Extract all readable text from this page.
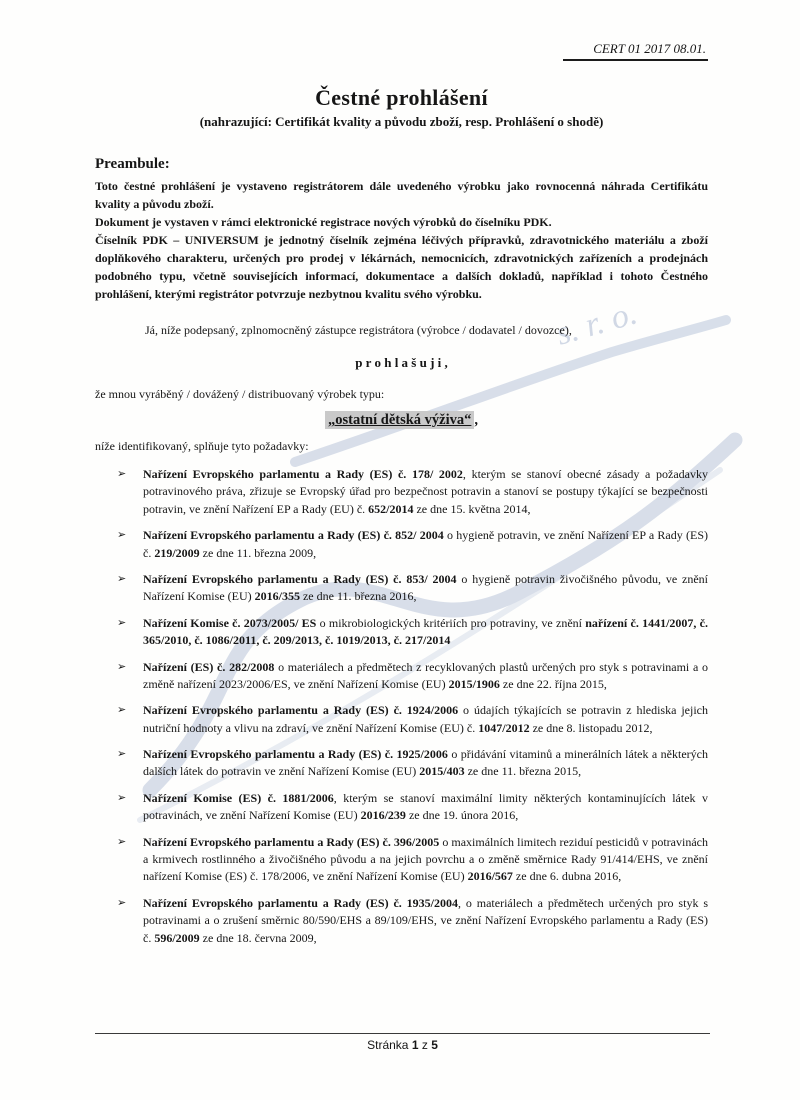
s. r. o.
CERT 01 2017 08.01.
Čestné prohlášení
(nahrazující: Certifikát kvality a původu zboží, resp. Prohlášení o shodě)
Preambule:
Toto čestné prohlášení je vystaveno registrátorem dále uvedeného výrobku jako rovnocenná náhrada Certifikátu kvality a původu zboží.
Dokument je vystaven v rámci elektronické registrace nových výrobků do číselníku PDK.
Číselník PDK – UNIVERSUM je jednotný číselník zejména léčivých přípravků, zdravotnického materiálu a zboží doplňkového charakteru, určených pro prodej v lékárnách, nemocnicích, zdravotnických zařízeních a prodejnách podobného typu, včetně souvisejících informací, dokumentace a dalších dokladů, například i tohoto Čestného prohlášení, kterými registrátor potvrzuje nezbytnou kvalitu svého výrobku.
Já, níže podepsaný, zplnomocněný zástupce registrátora (výrobce / dodavatel / dovozce),
p r o h l a š u j i ,
že mnou vyráběný / dovážený / distribuovaný výrobek typu:
„ostatní dětská výživa“ ,
níže identifikovaný, splňuje tyto požadavky:
➢ Nařízení Evropského parlamentu a Rady (ES) č. 178/ 2002, kterým se stanoví obecné zásady a požadavky potravinového práva, zřizuje se Evropský úřad pro bezpečnost potravin a stanoví se postupy týkající se bezpečnosti potravin, ve znění Nařízení EP a Rady (EU) č. 652/2014 ze dne 15. května 2014,
➢ Nařízení Evropského parlamentu a Rady (ES) č. 852/ 2004 o hygieně potravin, ve znění Nařízení EP a Rady (ES) č. 219/2009 ze dne 11. března 2009,
➢ Nařízení Evropského parlamentu a Rady (ES) č. 853/ 2004 o hygieně potravin živočišného původu, ve znění Nařízení Komise (EU) 2016/355 ze dne 11. března 2016,
➢ Nařízení Komise č. 2073/2005/ ES o mikrobiologických kritériích pro potraviny, ve znění nařízení č. 1441/2007, č. 365/2010, č. 1086/2011, č. 209/2013, č. 1019/2013, č. 217/2014
➢ Nařízení (ES) č. 282/2008 o materiálech a předmětech z recyklovaných plastů určených pro styk s potravinami a o změně nařízení 2023/2006/ES, ve znění Nařízení Komise (EU) 2015/1906 ze dne 22. října 2015,
➢ Nařízení Evropského parlamentu a Rady (ES) č. 1924/2006 o údajích týkajících se potravin z hlediska jejich nutriční hodnoty a vlivu na zdraví, ve znění Nařízení Komise (EU) č. 1047/2012 ze dne 8. listopadu 2012,
➢ Nařízení Evropského parlamentu a Rady (ES) č. 1925/2006 o přidávání vitaminů a minerálních látek a některých dalších látek do potravin ve znění Nařízení Komise (EU) 2015/403 ze dne 11. března 2015,
➢ Nařízení Komise (ES) č. 1881/2006, kterým se stanoví maximální limity některých kontaminujících látek v potravinách, ve znění Nařízení Komise (EU) 2016/239 ze dne 19. února 2016,
➢ Nařízení Evropského parlamentu a Rady (ES) č. 396/2005 o maximálních limitech reziduí pesticidů v potravinách a krmivech rostlinného a živočišného původu a na jejich povrchu a o změně směrnice Rady 91/414/EHS, ve znění nařízení Komise (ES) č. 178/2006, ve znění Nařízení Komise (EU) 2016/567 ze dne 6. dubna 2016,
➢ Nařízení Evropského parlamentu a Rady (ES) č. 1935/2004, o materiálech a předmětech určených pro styk s potravinami a o zrušení směrnic 80/590/EHS a 89/109/EHS, ve znění Nařízení Evropského parlamentu a Rady (ES) č. 596/2009 ze dne 18. června 2009,
Stránka 1 z 5
